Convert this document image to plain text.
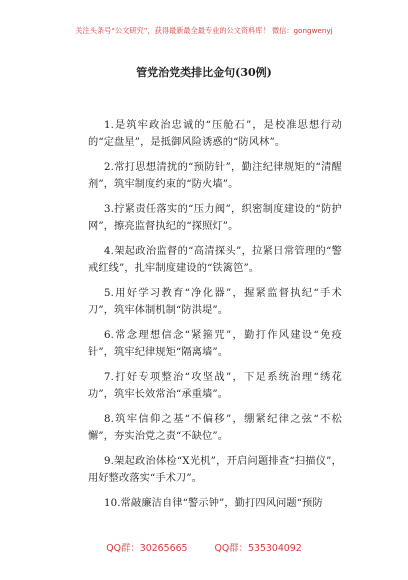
关注头条号“公文研究”，获得最新最全最专业的公文资料库！ 微信：gongwenyj
管党治党类排比金句(30例)

1.是筑牢政治忠诚的“压舱石”，是校准思想行动的“定盘星”，是抵御风险诱惑的“防风林”。

2.常打思想清扰的“预防针”，勤注纪律规矩的“清醒剂”，筑牢制度约束的“防火墙”。

3.拧紧责任落实的“压力阀”，织密制度建设的“防护网”，擦亮监督执纪的“探照灯”。

4.架起政治监督的“高清探头”，拉紧日常管理的“警戒红线”，扎牢制度建设的“铁篱笆”。

5.用好学习教育“净化器”，握紧监督执纪“手术刀”，筑牢体制机制“防洪堤”。

6.常念理想信念“紧箍咒”，勤打作风建设“免疫针”，筑牢纪律规矩“隔离墙”。

7.打好专项整治“攻坚战”，下足系统治理“绣花功”，筑牢长效常治“承重墙”。

8.筑牢信仰之基“不偏移”，绷紧纪律之弦“不松懈”，夯实治党之责“不缺位”。

9.架起政治体检“X光机”，开启问题排查“扫描仪”，用好整改落实“手术刀”。

10.常敲廉洁自律“警示钟”，勤打四风问题“预防

QQ群：30265665	QQ群：535304092
